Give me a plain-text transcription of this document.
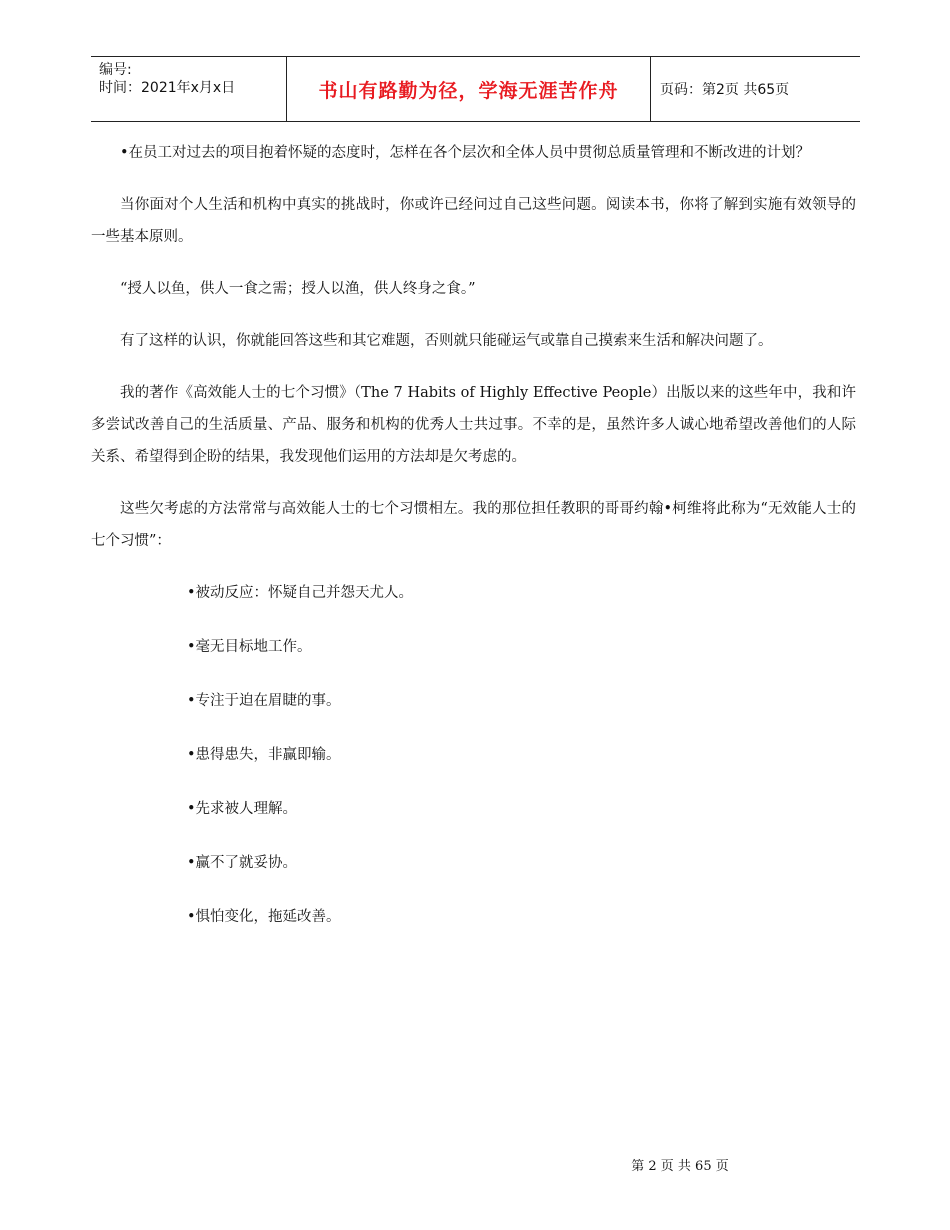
编号:
时间：2021年x月x日	书山有路勤为径，学海无涯苦作舟	页码：第2页 共65页

•在员工对过去的项目抱着怀疑的态度时，怎样在各个层次和全体人员中贯彻总质量管理和不断改进的计划？

当你面对个人生活和机构中真实的挑战时，你或许已经问过自己这些问题。阅读本书，你将了解到实施有效领导的一些基本原则。

“授人以鱼，供人一食之需；授人以渔，供人终身之食。”

有了这样的认识，你就能回答这些和其它难题，否则就只能碰运气或靠自己摸索来生活和解决问题了。

我的著作《高效能人士的七个习惯》（The 7 Habits of Highly Effective People）出版以来的这些年中，我和许多尝试改善自己的生活质量、产品、服务和机构的优秀人士共过事。不幸的是，虽然许多人诚心地希望改善他们的人际关系、希望得到企盼的结果，我发现他们运用的方法却是欠考虑的。

这些欠考虑的方法常常与高效能人士的七个习惯相左。我的那位担任教职的哥哥约翰•柯维将此称为“无效能人士的七个习惯”：

•被动反应：怀疑自己并怨天尤人。
•毫无目标地工作。
•专注于迫在眉睫的事。
•患得患失，非赢即输。
•先求被人理解。
•赢不了就妥协。
•惧怕变化，拖延改善。
第 2 页 共 65 页
